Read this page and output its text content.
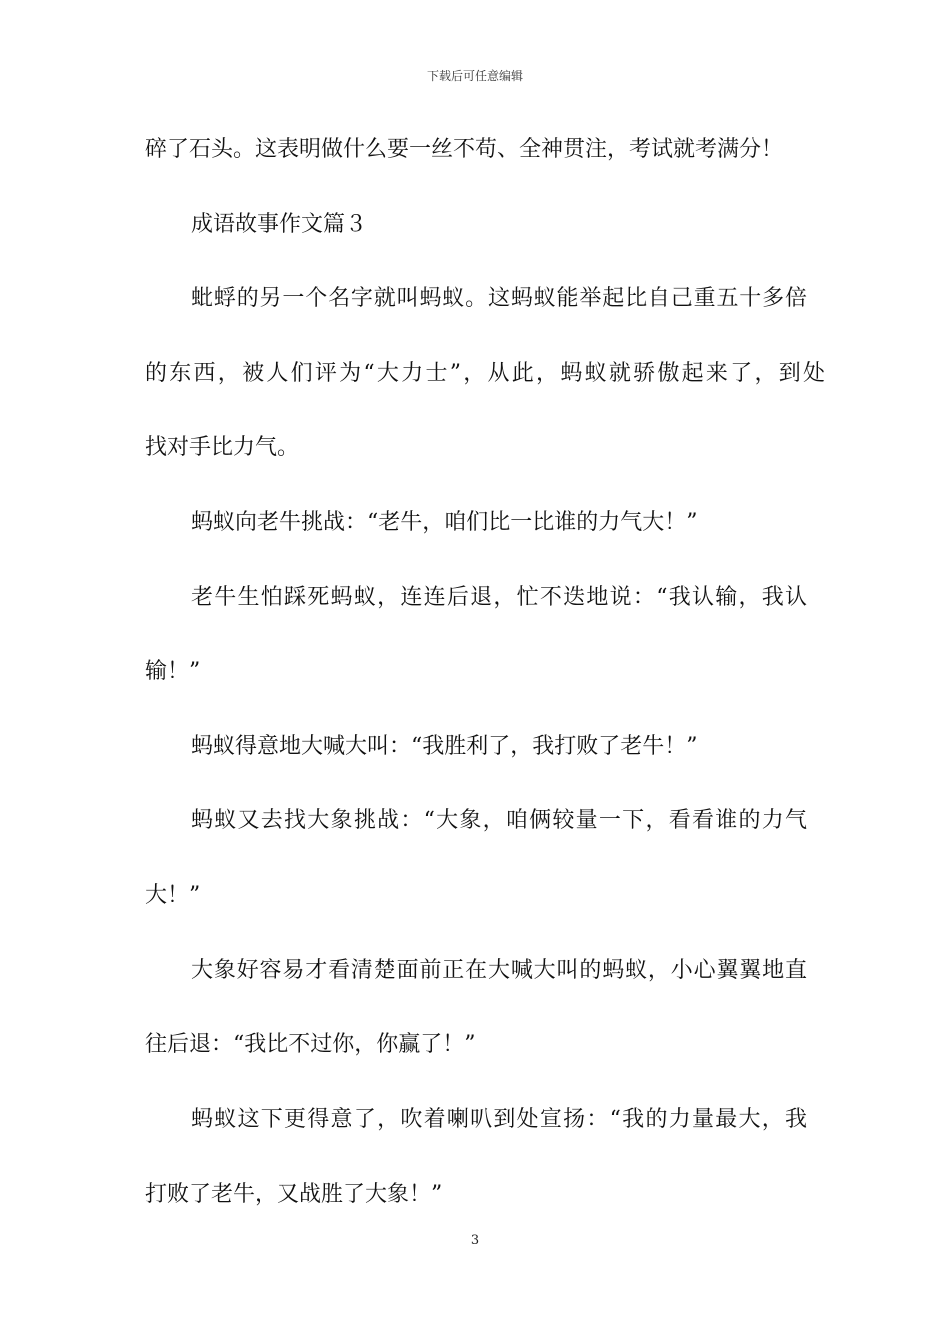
下载后可任意编辑
碎了石头。这表明做什么要一丝不苟、全神贯注，考试就考满分！
成语故事作文篇３
蚍蜉的另一个名字就叫蚂蚁。这蚂蚁能举起比自己重五十多倍
的东西，被人们评为“大力士”，从此，蚂蚁就骄傲起来了，到处
找对手比力气。
蚂蚁向老牛挑战：“老牛，咱们比一比谁的力气大！”
老牛生怕踩死蚂蚁，连连后退，忙不迭地说：“我认输，我认
输！”
蚂蚁得意地大喊大叫：“我胜利了，我打败了老牛！”
蚂蚁又去找大象挑战：“大象，咱俩较量一下，看看谁的力气
大！”
大象好容易才看清楚面前正在大喊大叫的蚂蚁，小心翼翼地直
往后退：“我比不过你，你赢了！”
蚂蚁这下更得意了，吹着喇叭到处宣扬：“我的力量最大，我
打败了老牛，又战胜了大象！”
3
